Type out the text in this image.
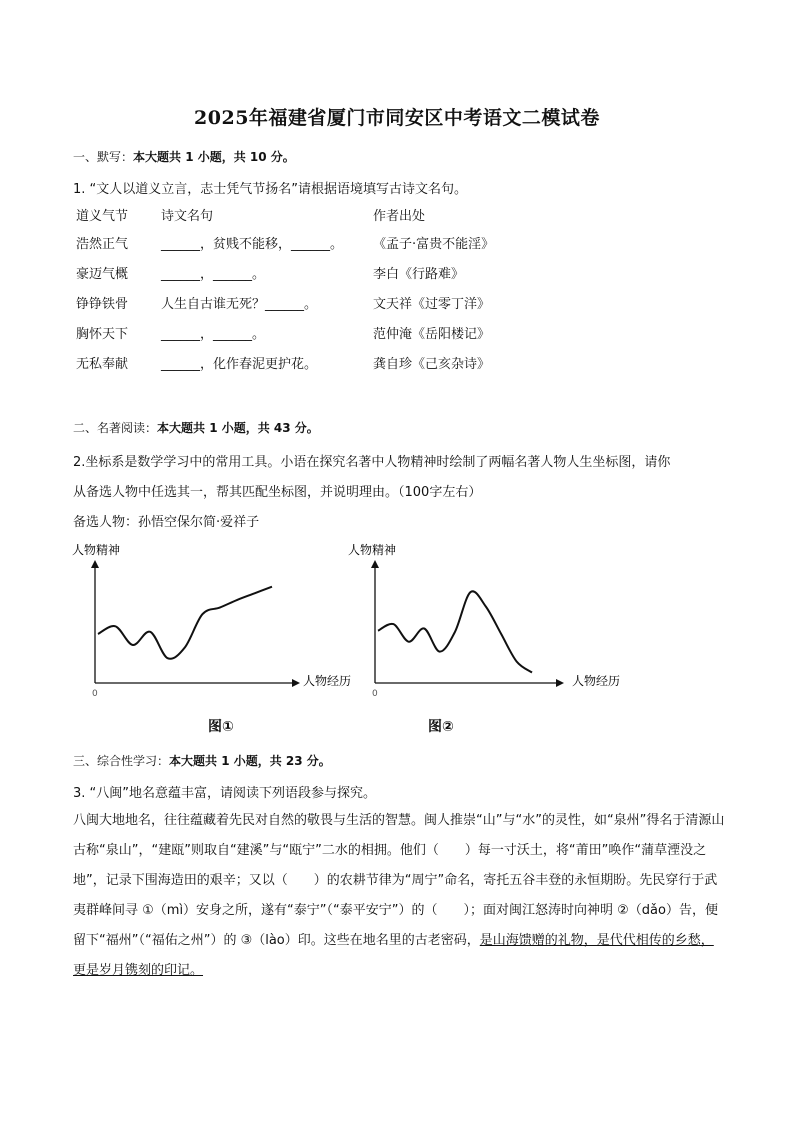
2025年福建省厦门市同安区中考语文二模试卷
一、默写：本大题共 1 小题，共 10 分。
1. “文人以道义立言，志士凭气节扬名”请根据语境填写古诗文名句。
道义气节	诗文名句	作者出处
浩然正气	______，贫贱不能移，______。 《孟子·富贵不能淫》
豪迈气概	______，______。	李白《行路难》
铮铮铁骨	人生自古谁无死？______。	文天祥《过零丁洋》
胸怀天下	______，______。	范仲淹《岳阳楼记》
无私奉献	______，化作春泥更护花。	龚自珍《己亥杂诗》
二、名著阅读：本大题共 1 小题，共 43 分。
2.坐标系是数学学习中的常用工具。小语在探究名著中人物精神时绘制了两幅名著人物人生坐标图，请你
从备选人物中任选其一，帮其匹配坐标图，并说明理由。（100字左右）
备选人物：孙悟空保尔简·爱祥子
人物精神
人物经历
0
图①
人物精神
人物经历
0
图②
三、综合性学习：本大题共 1 小题，共 23 分。
3. “八闽”地名意蕴丰富，请阅读下列语段参与探究。
八闽大地地名，往往蕴藏着先民对自然的敬畏与生活的智慧。闽人推崇“山”与“水”的灵性，如“泉州”得名于清源山古称“泉山”，“建瓯”则取自“建溪”与“瓯宁”二水的相拥。他们（　　）每一寸沃土，将“莆田”唤作“蒲草湮没之地”，记录下围海造田的艰辛；又以（　　）的农耕节律为“周宁”命名，寄托五谷丰登的永恒期盼。先民穿行于武夷群峰间寻 ①（mì）安身之所，遂有“泰宁”（“泰平安宁”）的（　　）；面对闽江怒涛时向神明 ②（dǎo）告，便留下“福州”（“福佑之州”）的 ③（lào）印。这些在地名里的古老密码，是山海馈赠的礼物，是代代相传的乡愁，更是岁月镌刻的印记。
